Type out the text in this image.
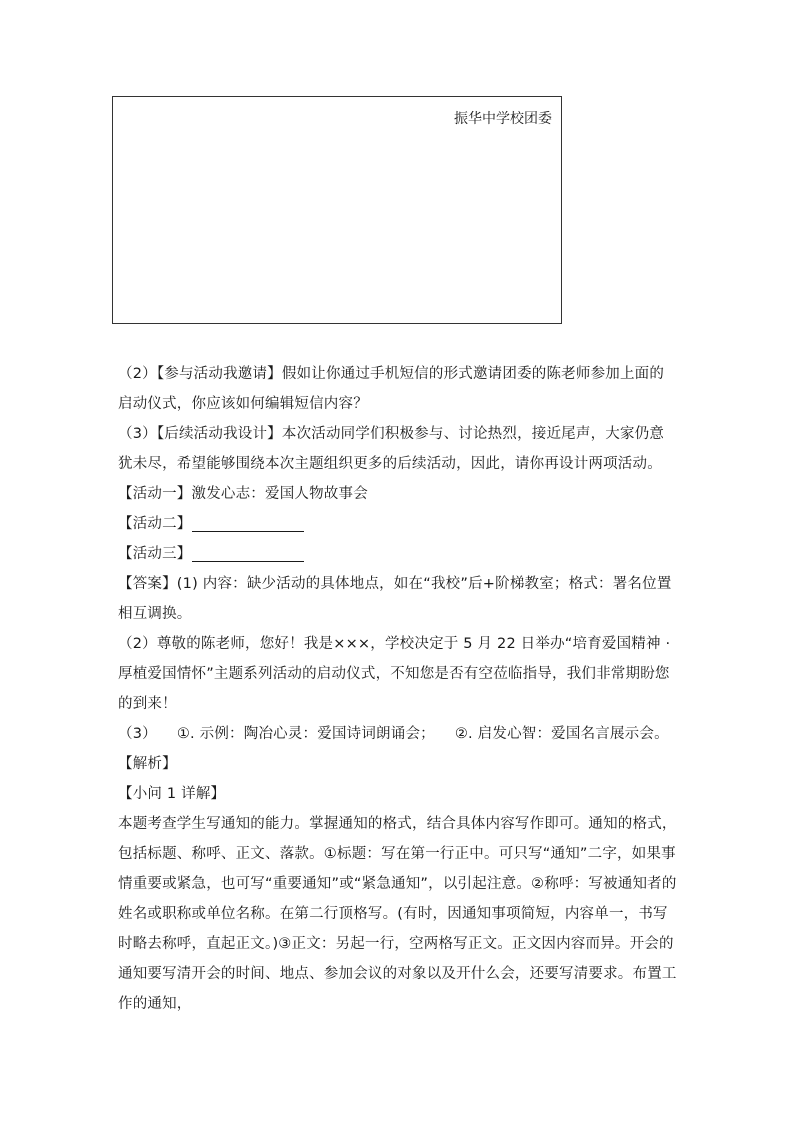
振华中学校团委

（2）【参与活动我邀请】假如让你通过手机短信的形式邀请团委的陈老师参加上面的启动仪式，你应该如何编辑短信内容？

（3）【后续活动我设计】本次活动同学们积极参与、讨论热烈，接近尾声，大家仍意犹未尽，希望能够围绕本次主题组织更多的后续活动，因此，请你再设计两项活动。

【活动一】激发心志：爱国人物故事会

【活动二】

【活动三】

【答案】(1) 内容：缺少活动的具体地点，如在“我校”后+阶梯教室；格式：署名位置相互调换。

（2）尊敬的陈老师，您好！我是×××，学校决定于 5 月 22 日举办“培育爱国精神 · 厚植爱国情怀”主题系列活动的启动仪式，不知您是否有空莅临指导，我们非常期盼您的到来！

（3） ①. 示例：陶冶心灵：爱国诗词朗诵会； ②. 启发心智：爱国名言展示会。

【解析】

【小问 1 详解】

本题考查学生写通知的能力。掌握通知的格式，结合具体内容写作即可。通知的格式，包括标题、称呼、正文、落款。①标题：写在第一行正中。可只写“通知”二字，如果事情重要或紧急，也可写“重要通知”或“紧急通知”，以引起注意。②称呼：写被通知者的姓名或职称或单位名称。在第二行顶格写。(有时，因通知事项简短，内容单一，书写时略去称呼，直起正文。)③正文：另起一行，空两格写正文。正文因内容而异。开会的通知要写清开会的时间、地点、参加会议的对象以及开什么会，还要写清要求。布置工作的通知，
